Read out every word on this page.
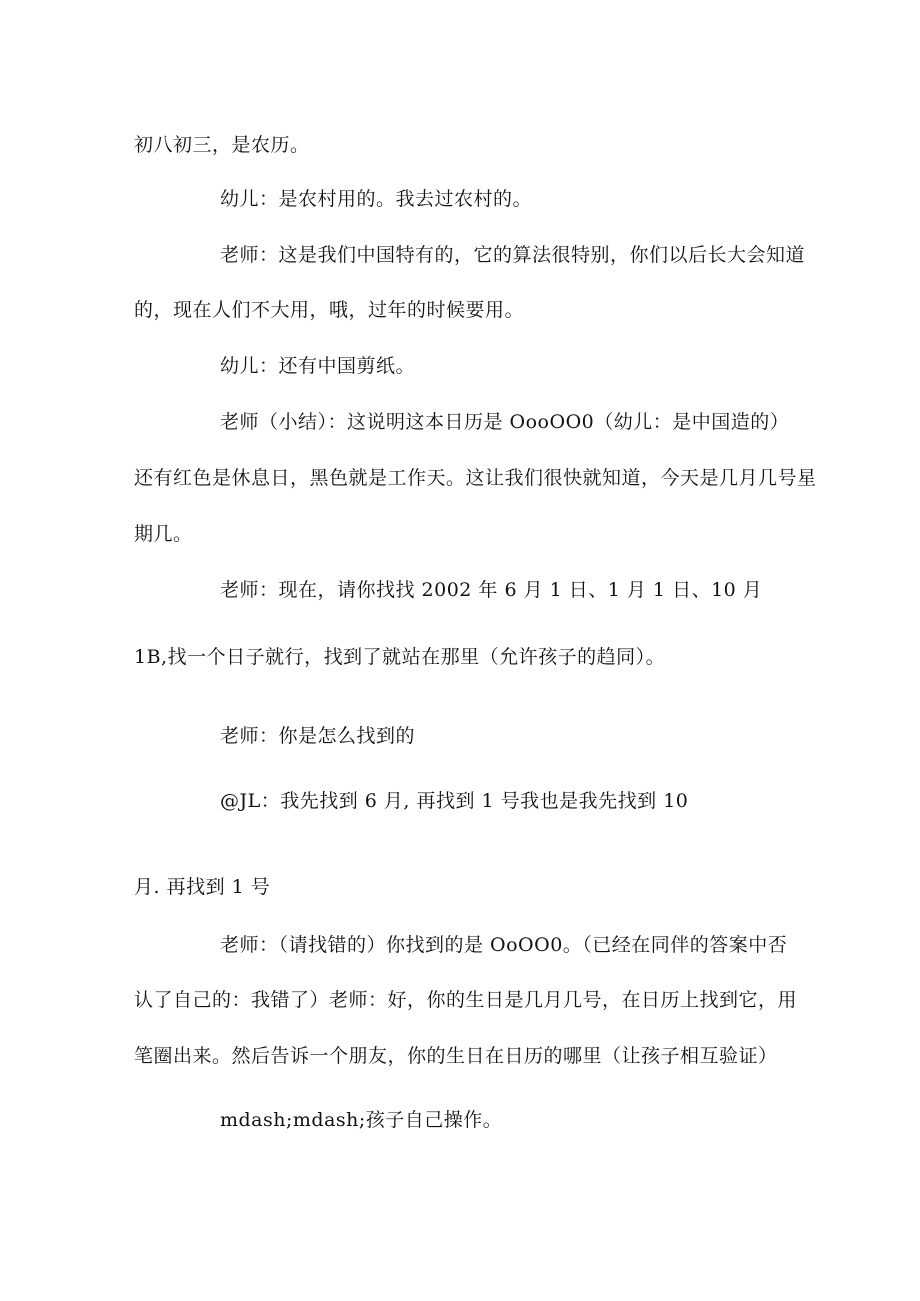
初八初三，是农历。
幼儿：是农村用的。我去过农村的。
老师：这是我们中国特有的，它的算法很特别，你们以后长大会知道
的，现在人们不大用，哦，过年的时候要用。
幼儿：还有中国剪纸。
老师（小结）：这说明这本日历是 OooOO0（幼儿：是中国造的）
还有红色是休息日，黑色就是工作天。这让我们很快就知道，今天是几月几号星
期几。
老师：现在，请你找找 2002 年 6 月 1 日、1 月 1 日、10 月
1B,找一个日子就行，找到了就站在那里（允许孩子的趋同）。
老师：你是怎么找到的
@JL：我先找到 6 月, 再找到 1 号我也是我先找到 10
月. 再找到 1 号
老师：（请找错的）你找到的是 OoOO0。（已经在同伴的答案中否
认了自己的：我错了）老师：好，你的生日是几月几号，在日历上找到它，用
笔圈出来。然后告诉一个朋友，你的生日在日历的哪里（让孩子相互验证）
mdash;mdash;孩子自己操作。
